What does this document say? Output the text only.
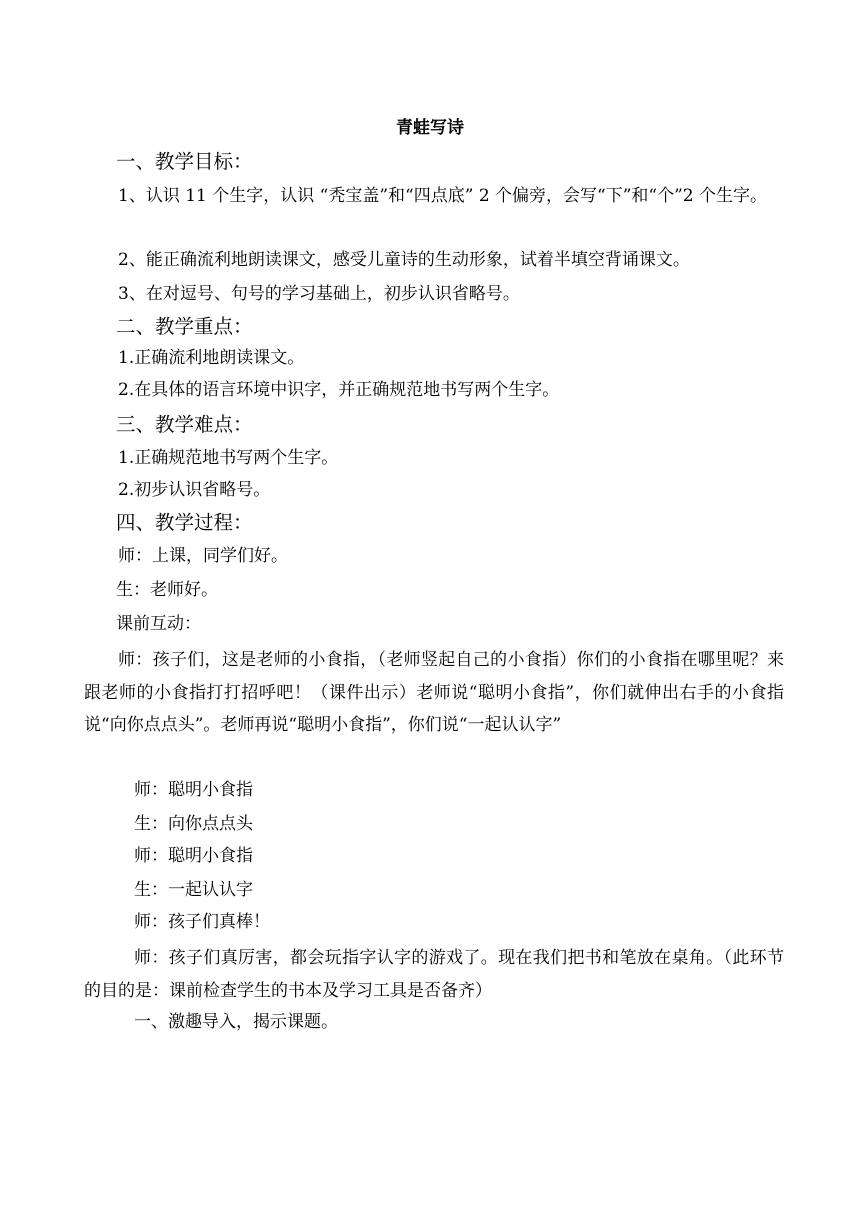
青蛙写诗

一、教学目标：

1、认识 11 个生字，认识 “秃宝盖”和“四点底” 2 个偏旁，会写“下”和“个”2 个生字。

2、能正确流利地朗读课文，感受儿童诗的生动形象，试着半填空背诵课文。

3、在对逗号、句号的学习基础上，初步认识省略号。

二、教学重点：

1.正确流利地朗读课文。

2.在具体的语言环境中识字，并正确规范地书写两个生字。

三、教学难点：

1.正确规范地书写两个生字。

2.初步认识省略号。

四、教学过程：

师：上课，同学们好。

生：老师好。

课前互动：

师：孩子们，这是老师的小食指，（老师竖起自己的小食指）你们的小食指在哪里呢？来跟老师的小食指打打招呼吧！（课件出示）老师说“聪明小食指”，你们就伸出右手的小食指说“向你点点头”。老师再说“聪明小食指”，你们说“一起认认字”

师：聪明小食指

生：向你点点头

师：聪明小食指

生：一起认认字

师：孩子们真棒！

师：孩子们真厉害，都会玩指字认字的游戏了。现在我们把书和笔放在桌角。（此环节的目的是：课前检查学生的书本及学习工具是否备齐）

一、激趣导入，揭示课题。
